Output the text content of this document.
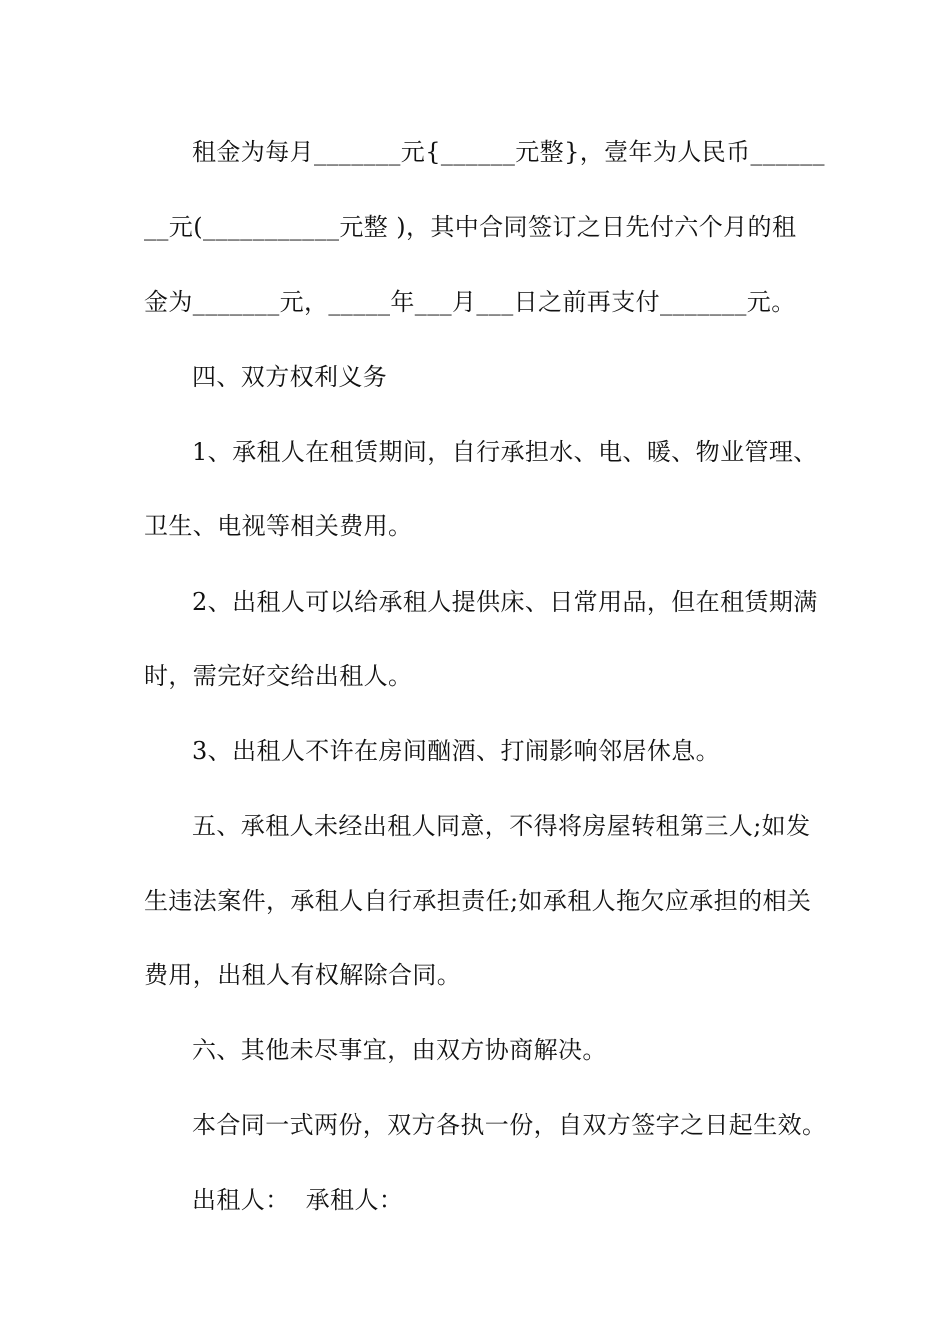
租金为每月_______元{______元整}，壹年为人民币______
__元(___________元整 )，其中合同签订之日先付六个月的租
金为_______元，_____年___月___日之前再支付_______元。
四、双方权利义务
1、承租人在租赁期间，自行承担水、电、暖、物业管理、
卫生、电视等相关费用。
2、出租人可以给承租人提供床、日常用品，但在租赁期满
时，需完好交给出租人。
3、出租人不许在房间酗酒、打闹影响邻居休息。
五、承租人未经出租人同意，不得将房屋转租第三人;如发
生违法案件，承租人自行承担责任;如承租人拖欠应承担的相关
费用，出租人有权解除合同。
六、其他未尽事宜，由双方协商解决。
本合同一式两份，双方各执一份，自双方签字之日起生效。
出租人：  承租人：
